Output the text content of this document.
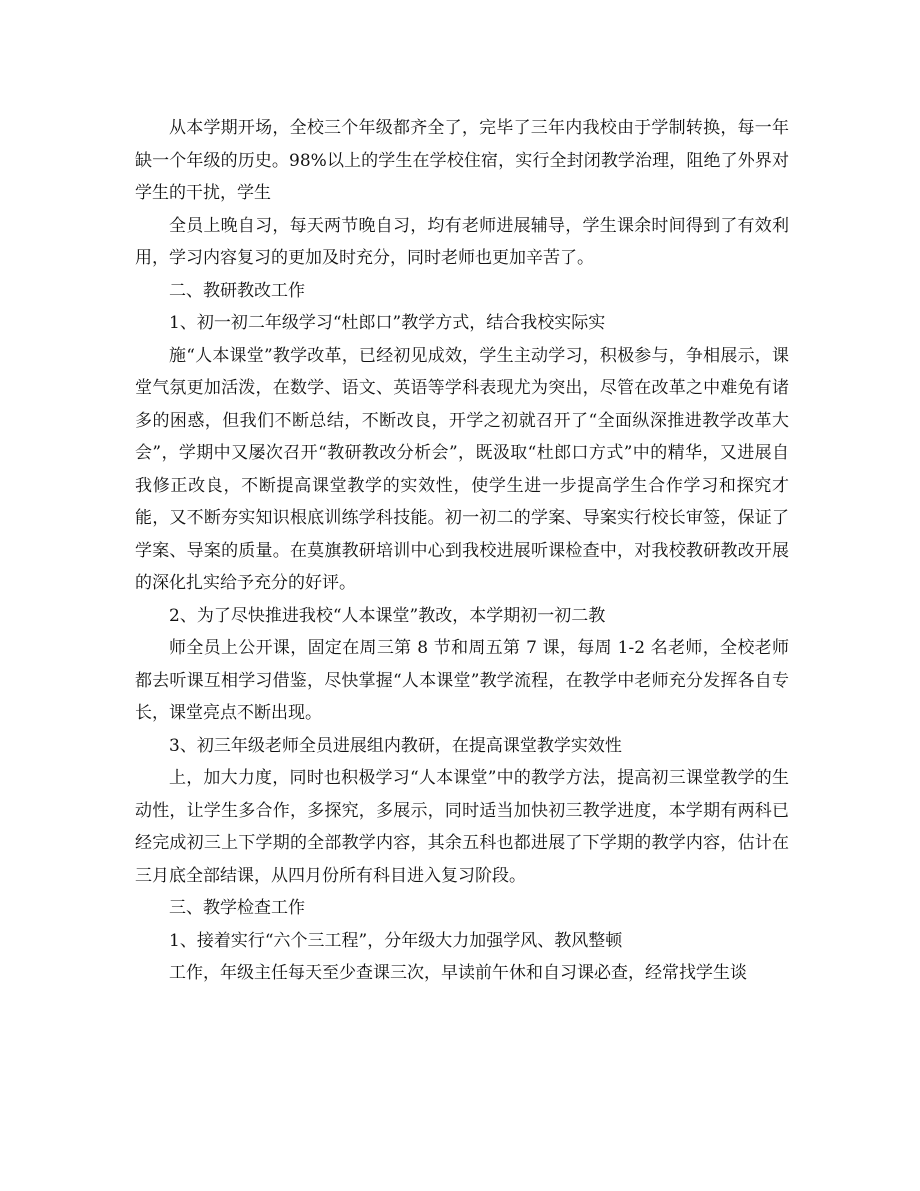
从本学期开场，全校三个年级都齐全了，完毕了三年内我校由于学制转换，每一年缺一个年级的历史。98%以上的学生在学校住宿，实行全封闭教学治理，阻绝了外界对学生的干扰，学生

全员上晚自习，每天两节晚自习，均有老师进展辅导，学生课余时间得到了有效利用，学习内容复习的更加及时充分，同时老师也更加辛苦了。

二、教研教改工作

1、初一初二年级学习“杜郎口”教学方式，结合我校实际实

施“人本课堂”教学改革，已经初见成效，学生主动学习，积极参与，争相展示，课堂气氛更加活泼，在数学、语文、英语等学科表现尤为突出，尽管在改革之中难免有诸多的困惑，但我们不断总结，不断改良，开学之初就召开了“全面纵深推进教学改革大会”，学期中又屡次召开“教研教改分析会”，既汲取“杜郎口方式”中的精华，又进展自我修正改良，不断提高课堂教学的实效性，使学生进一步提高学生合作学习和探究才能，又不断夯实知识根底训练学科技能。初一初二的学案、导案实行校长审签，保证了学案、导案的质量。在莫旗教研培训中心到我校进展听课检查中，对我校教研教改开展的深化扎实给予充分的好评。

2、为了尽快推进我校“人本课堂”教改，本学期初一初二教

师全员上公开课，固定在周三第 8 节和周五第 7 课，每周 1-2 名老师，全校老师都去听课互相学习借鉴，尽快掌握“人本课堂”教学流程，在教学中老师充分发挥各自专长，课堂亮点不断出现。

3、初三年级老师全员进展组内教研，在提高课堂教学实效性

上，加大力度，同时也积极学习“人本课堂”中的教学方法，提高初三课堂教学的生动性，让学生多合作，多探究，多展示，同时适当加快初三教学进度，本学期有两科已经完成初三上下学期的全部教学内容，其余五科也都进展了下学期的教学内容，估计在三月底全部结课，从四月份所有科目进入复习阶段。

三、教学检查工作

1、接着实行“六个三工程”，分年级大力加强学风、教风整顿

工作，年级主任每天至少查课三次，早读前午休和自习课必查，经常找学生谈
